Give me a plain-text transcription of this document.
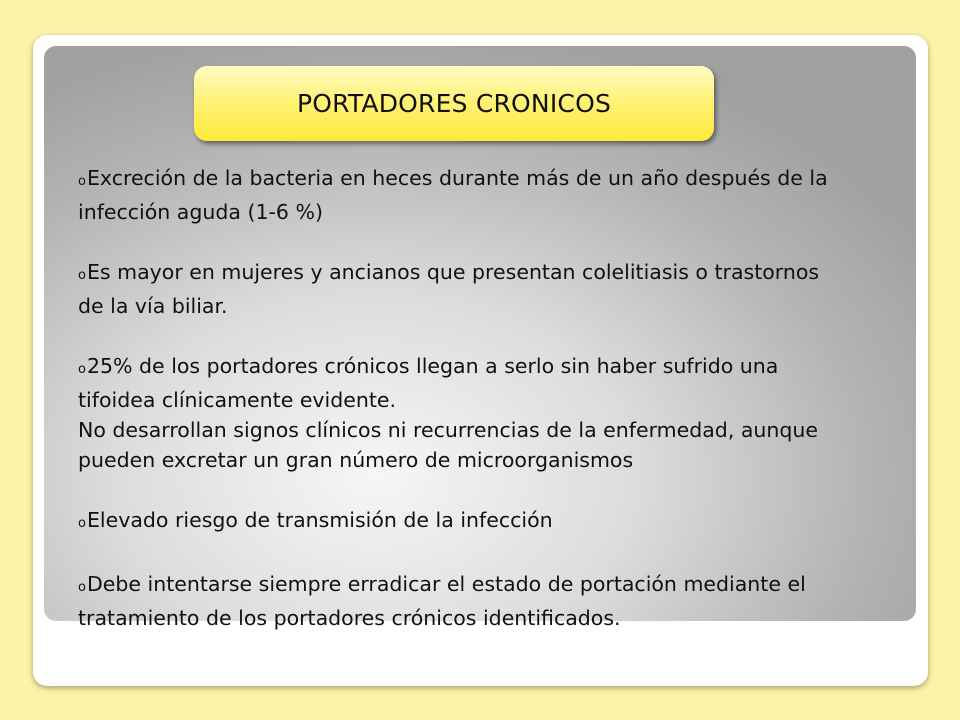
PORTADORES CRONICOS

oExcreción de la bacteria en heces durante más de un año después de la infección aguda (1-6 %)

oEs mayor en mujeres y ancianos que presentan colelitiasis o trastornos de la vía biliar.

o25% de los portadores crónicos llegan a serlo sin haber sufrido una tifoidea clínicamente evidente.

No desarrollan signos clínicos ni recurrencias de la enfermedad, aunque pueden excretar un gran número de microorganismos

oElevado riesgo de transmisión de la infección

oDebe intentarse siempre erradicar el estado de portación mediante el tratamiento de los portadores crónicos identificados.
